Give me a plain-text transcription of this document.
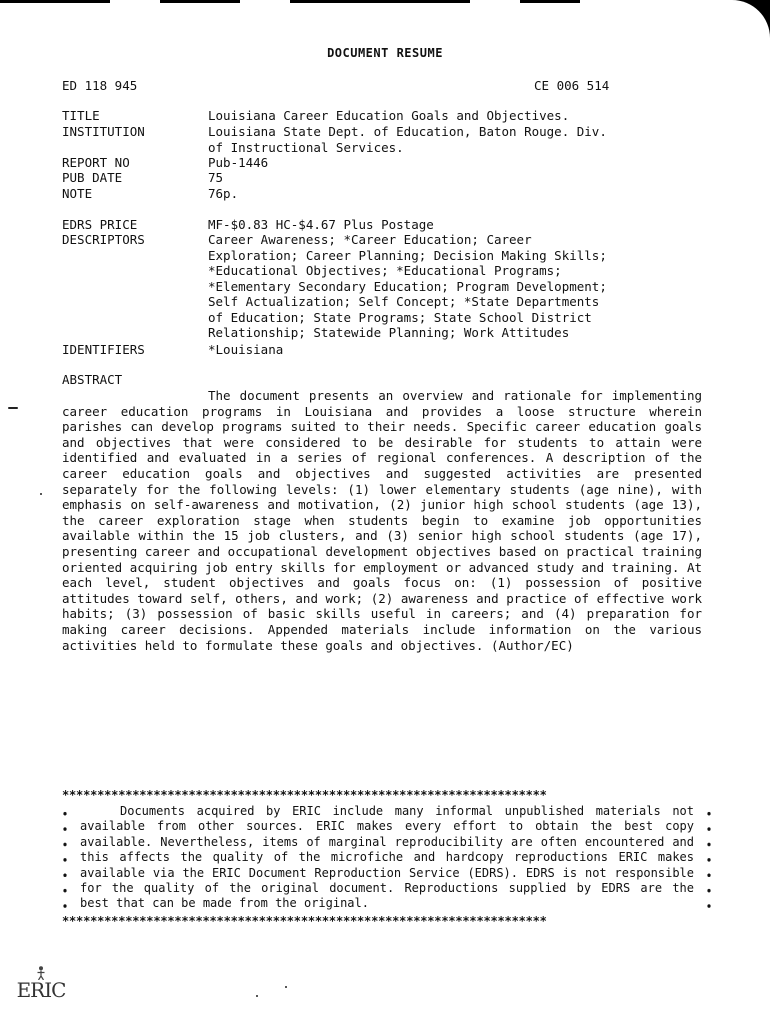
DOCUMENT RESUME
ED 118 945	CE 006 514
TITLE	Louisiana Career Education Goals and Objectives.
INSTITUTION	Louisiana State Dept. of Education, Baton Rouge. Div.
of Instructional Services.
REPORT NO	Pub-1446
PUB DATE	75
NOTE	76p.
EDRS PRICE	MF-$0.83 HC-$4.67 Plus Postage
DESCRIPTORS	Career Awareness; *Career Education; Career
Exploration; Career Planning; Decision Making Skills;
*Educational Objectives; *Educational Programs;
*Elementary Secondary Education; Program Development;
Self Actualization; Self Concept; *State Departments
of Education; State Programs; State School District
Relationship; Statewide Planning; Work Attitudes
IDENTIFIERS	*Louisiana
ABSTRACT
The document presents an overview and rationale for implementing career education programs in Louisiana and provides a loose structure wherein parishes can develop programs suited to their needs. Specific career education goals and objectives that were considered to be desirable for students to attain were identified and evaluated in a series of regional conferences. A description of the career education goals and objectives and suggested activities are presented separately for the following levels: (1) lower elementary students (age nine), with emphasis on self-awareness and motivation, (2) junior high school students (age 13), the career exploration stage when students begin to examine job opportunities available within the 15 job clusters, and (3) senior high school students (age 17), presenting career and occupational development objectives based on practical training oriented acquiring job entry skills for employment or advanced study and training. At each level, student objectives and goals focus on: (1) possession of positive attitudes toward self, others, and work; (2) awareness and practice of effective work habits; (3) possession of basic skills useful in careers; and (4) preparation for making career decisions. Appended materials include information on the various activities held to formulate these goals and objectives. (Author/EC)
*********************************************************************
Documents acquired by ERIC include many informal unpublished materials not available from other sources. ERIC makes every effort to obtain the best copy available. Nevertheless, items of marginal reproducibility are often encountered and this affects the quality of the microfiche and hardcopy reproductions ERIC makes available via the ERIC Document Reproduction Service (EDRS). EDRS is not responsible for the quality of the original document. Reproductions supplied by EDRS are the best that can be made from the original.
*********************************************************************
ERIC
